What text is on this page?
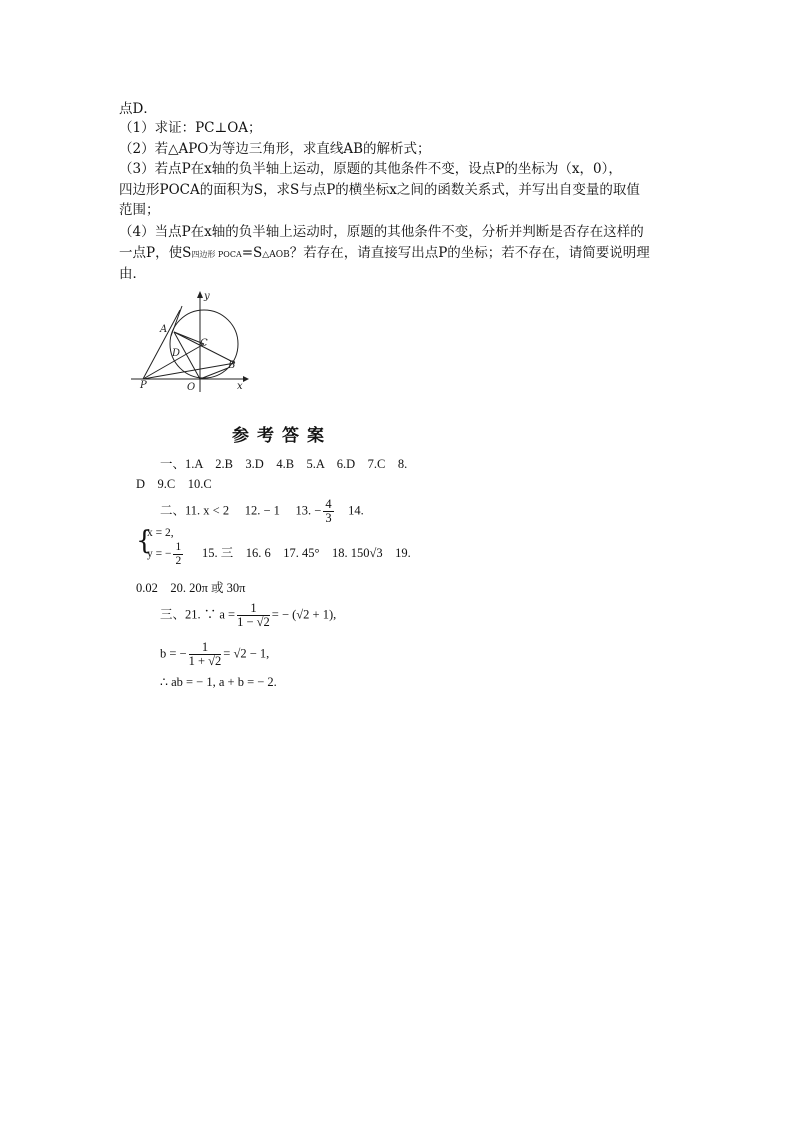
点D．
（1）求证：PC⊥OA；
（2）若△APO为等边三角形，求直线AB的解析式；
（3）若点P在x轴的负半轴上运动，原题的其他条件不变，设点P的坐标为（x，0），
四边形POCA的面积为S，求S与点P的横坐标x之间的函数关系式，并写出自变量的取值
范围；
（4）当点P在x轴的负半轴上运动时，原题的其他条件不变，分析并判断是否存在这样的
一点P，使S四边形 POCA=S△AOB？若存在，请直接写出点P的坐标；若不存在，请简要说明理
由．
y
x
A
B
C
D
P	O
参考答案
一、1.A　2.B　3.D　4.B　5.A　6.D　7.C　8.
D　9.C　10.C
二、11. x < 2　 12. − 1　 13. − $\frac{4}{3} 14$.
{
x = 2,
y = − $\frac{1}{2} 15$. 三　16. 6　17. 45°　18. 150√3　19.
0.02　20. 20π 或 30π
三、21. ∵ $a = \frac{1}{1 - √2}$ = − (√2 + 1),
b = − $\frac{1}{1 + √2} = √2 - 1$,
∴ ab = − 1, a + b = − 2.
